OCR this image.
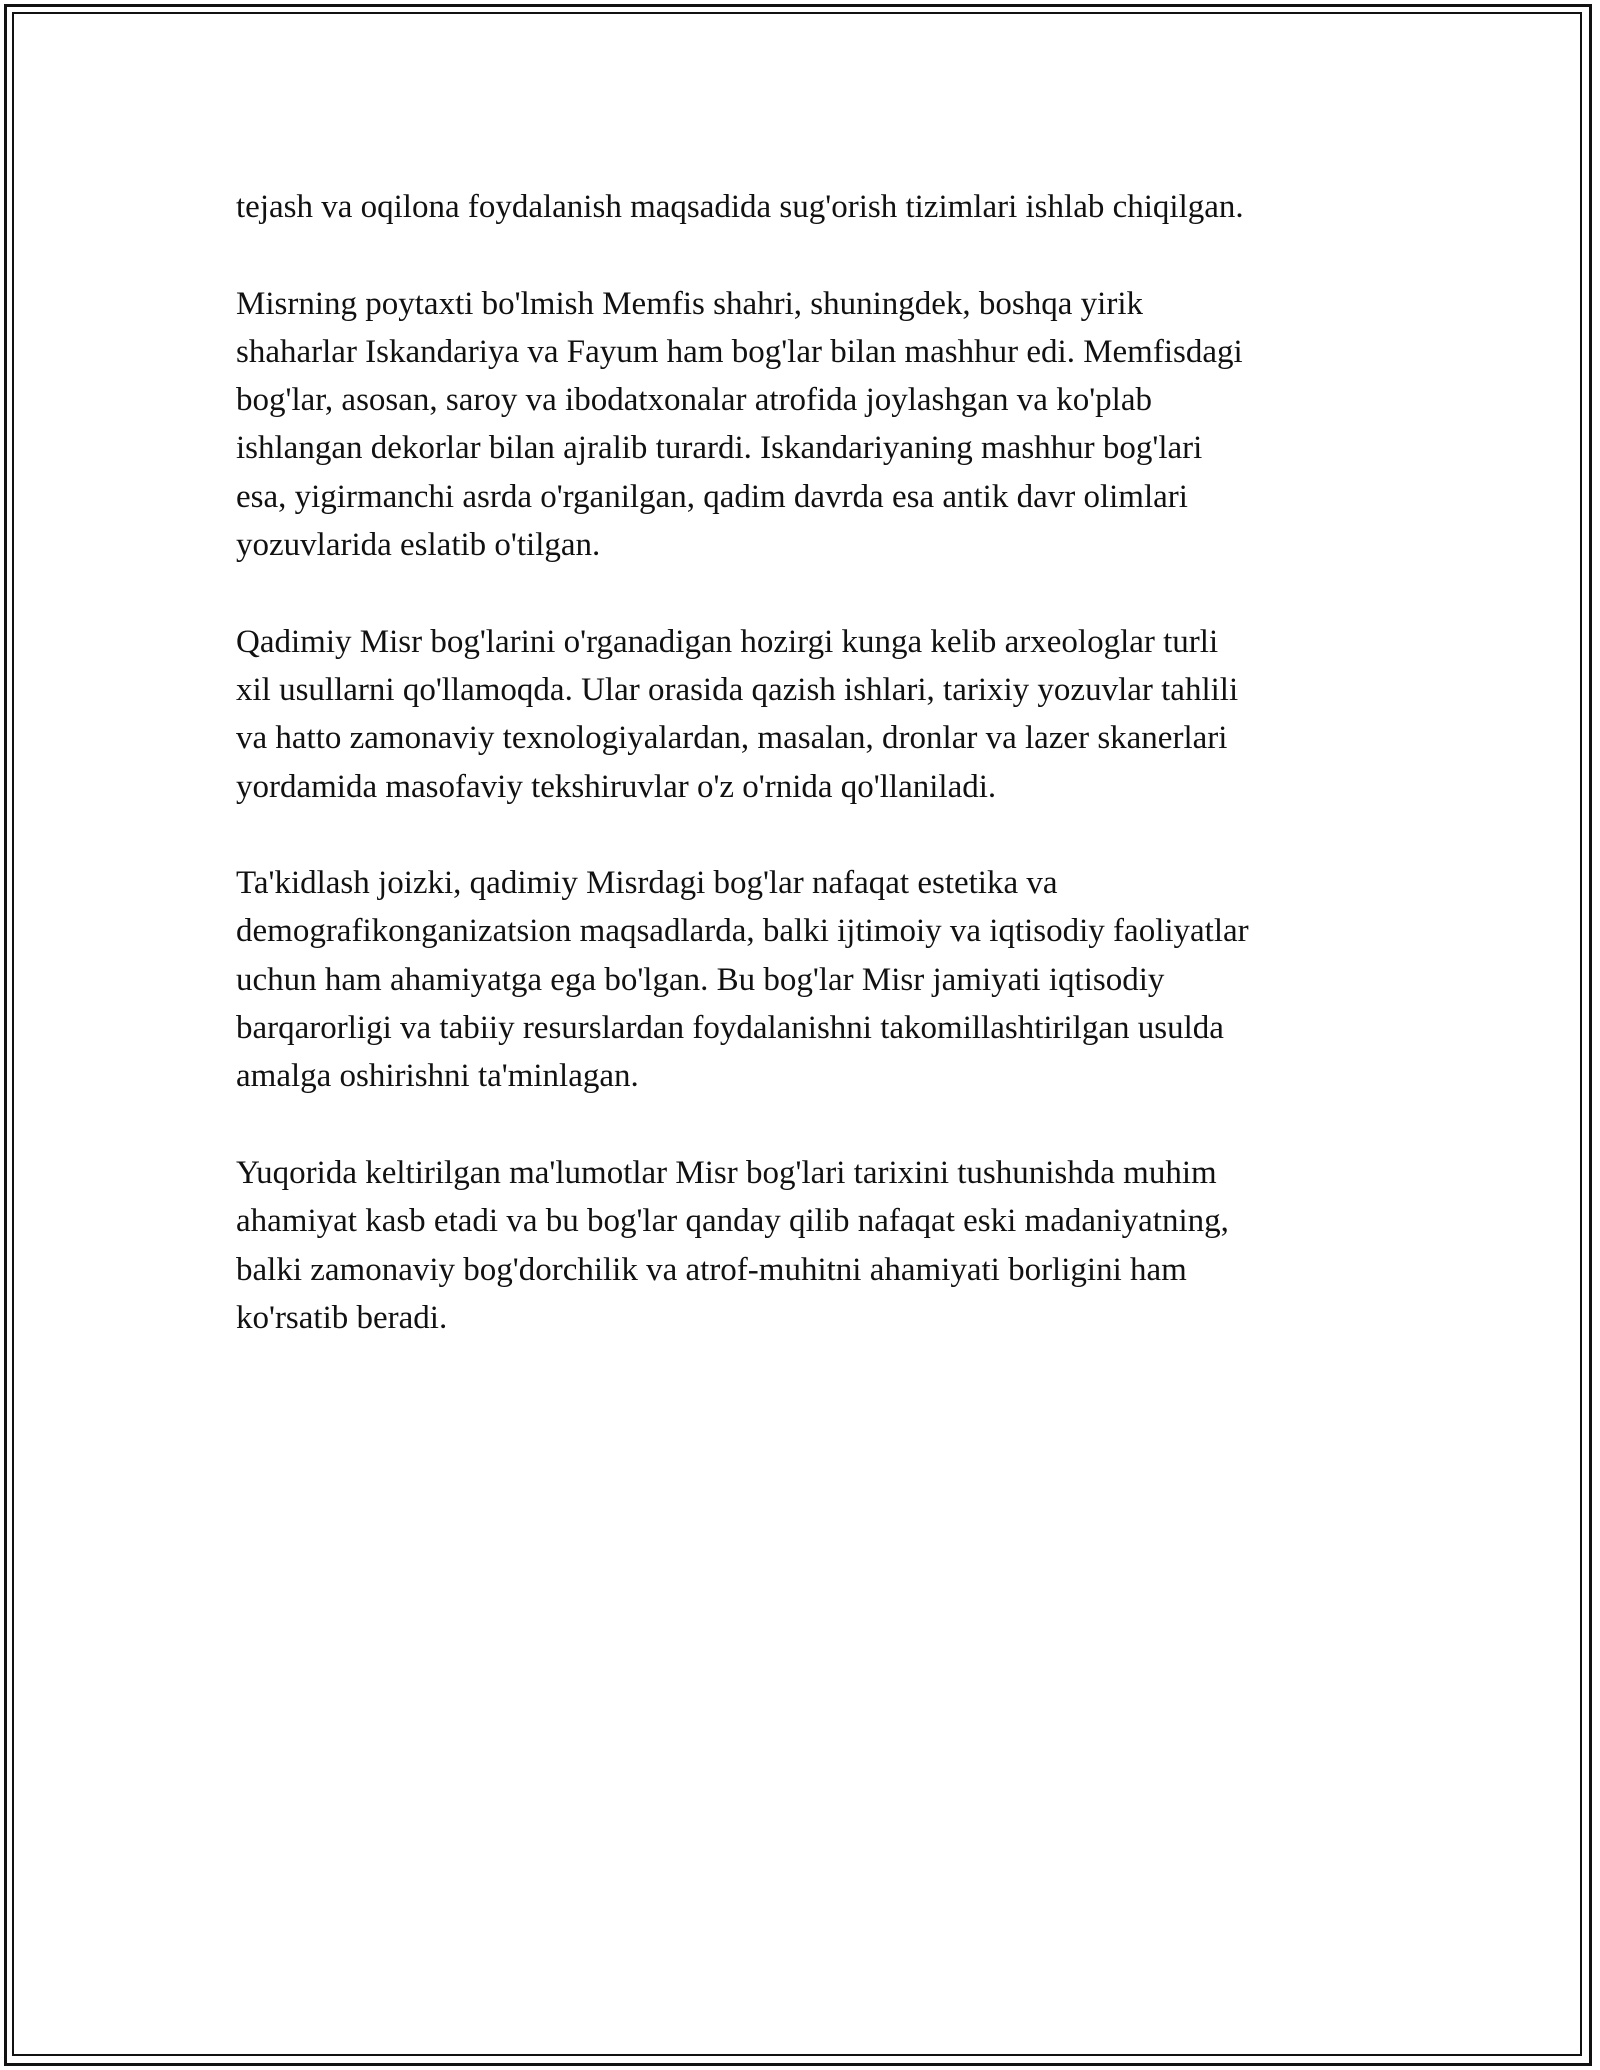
tejash va oqilona foydalanish maqsadida sug'orish tizimlari ishlab chiqilgan.

Misrning poytaxti bo'lmish Memfis shahri, shuningdek, boshqa yirik
shaharlar Iskandariya va Fayum ham bog'lar bilan mashhur edi. Memfisdagi
bog'lar, asosan, saroy va ibodatxonalar atrofida joylashgan va ko'plab
ishlangan dekorlar bilan ajralib turardi. Iskandariyaning mashhur bog'lari
esa, yigirmanchi asrda o'rganilgan, qadim davrda esa antik davr olimlari
yozuvlarida eslatib o'tilgan.

Qadimiy Misr bog'larini o'rganadigan hozirgi kunga kelib arxeologlar turli
xil usullarni qo'llamoqda. Ular orasida qazish ishlari, tarixiy yozuvlar tahlili
va hatto zamonaviy texnologiyalardan, masalan, dronlar va lazer skanerlari
yordamida masofaviy tekshiruvlar o'z o'rnida qo'llaniladi.

Ta'kidlash joizki, qadimiy Misrdagi bog'lar nafaqat estetika va
demografikonganizatsion maqsadlarda, balki ijtimoiy va iqtisodiy faoliyatlar
uchun ham ahamiyatga ega bo'lgan. Bu bog'lar Misr jamiyati iqtisodiy
barqarorligi va tabiiy resurslardan foydalanishni takomillashtirilgan usulda
amalga oshirishni ta'minlagan.

Yuqorida keltirilgan ma'lumotlar Misr bog'lari tarixini tushunishda muhim
ahamiyat kasb etadi va bu bog'lar qanday qilib nafaqat eski madaniyatning,
balki zamonaviy bog'dorchilik va atrof-muhitni ahamiyati borligini ham
ko'rsatib beradi.
